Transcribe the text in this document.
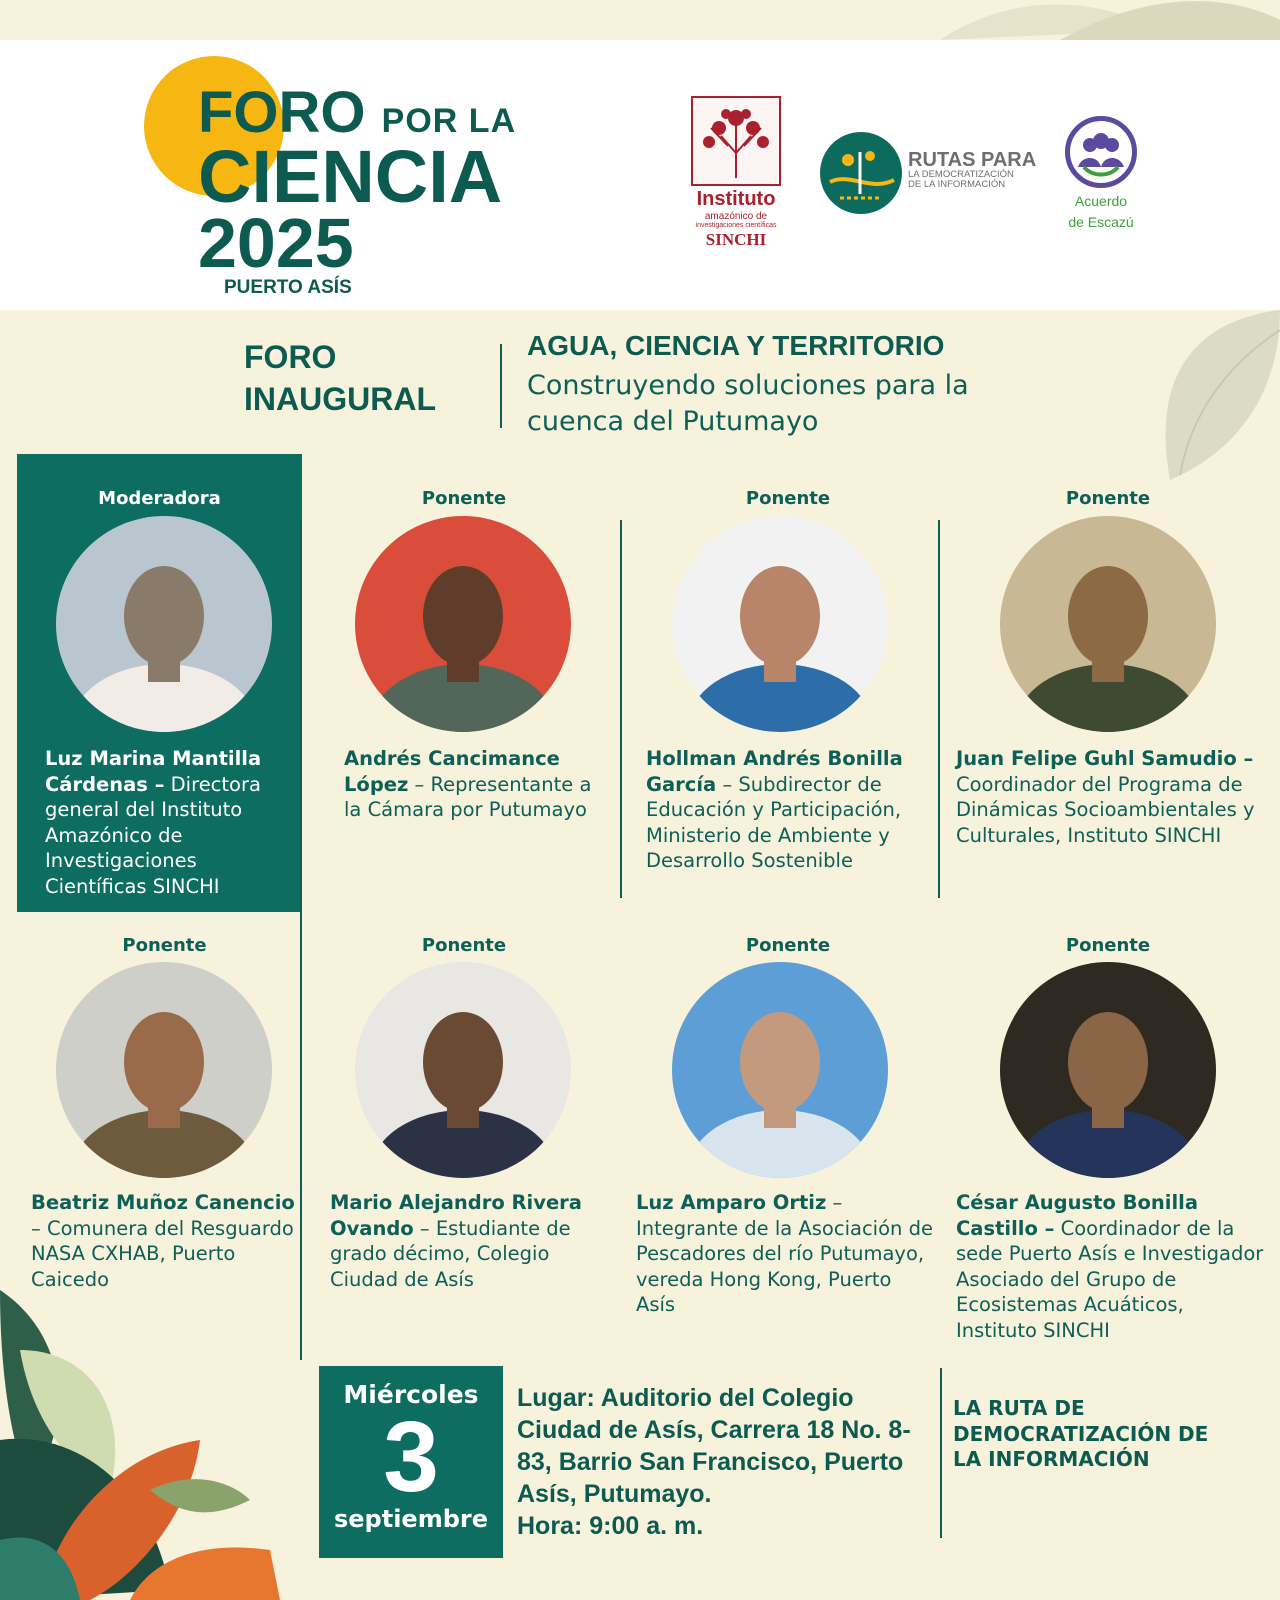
FORO POR LA
CIENCIA
2025
PUERTO ASÍS
Instituto
amazónico de
investigaciones científicas
SINCHI
RUTAS PARA
LA DEMOCRATIZACIÓN
DE LA INFORMACIÓN
Acuerdo
de Escazú
FORO
INAUGURAL
AGUA, CIENCIA Y TERRITORIO
Construyendo soluciones para la cuenca del Putumayo
Moderadora
Luz Marina Mantilla Cárdenas – Directora general del Instituto Amazónico de Investigaciones Científicas SINCHI
Ponente
Andrés Cancimance López – Representante a la Cámara por Putumayo
Ponente
Hollman Andrés Bonilla García – Subdirector de Educación y Participación, Ministerio de Ambiente y Desarrollo Sostenible
Ponente
Juan Felipe Guhl Samudio – Coordinador del Programa de Dinámicas Socioambientales y Culturales, Instituto SINCHI
Ponente
Beatriz Muñoz Canencio – Comunera del Resguardo NASA CXHAB, Puerto Caicedo
Ponente
Mario Alejandro Rivera Ovando – Estudiante de grado décimo, Colegio Ciudad de Asís
Ponente
Luz Amparo Ortiz – Integrante de la Asociación de Pescadores del río Putumayo, vereda Hong Kong, Puerto Asís
Ponente
César Augusto Bonilla Castillo – Coordinador de la sede Puerto Asís e Investigador Asociado del Grupo de Ecosistemas Acuáticos, Instituto SINCHI
Miércoles
3
septiembre
Lugar: Auditorio del Colegio Ciudad de Asís, Carrera 18 No. 8-83, Barrio San Francisco, Puerto Asís, Putumayo.
Hora: 9:00 a. m.
LA RUTA DE DEMOCRATIZACIÓN DE LA INFORMACIÓN
